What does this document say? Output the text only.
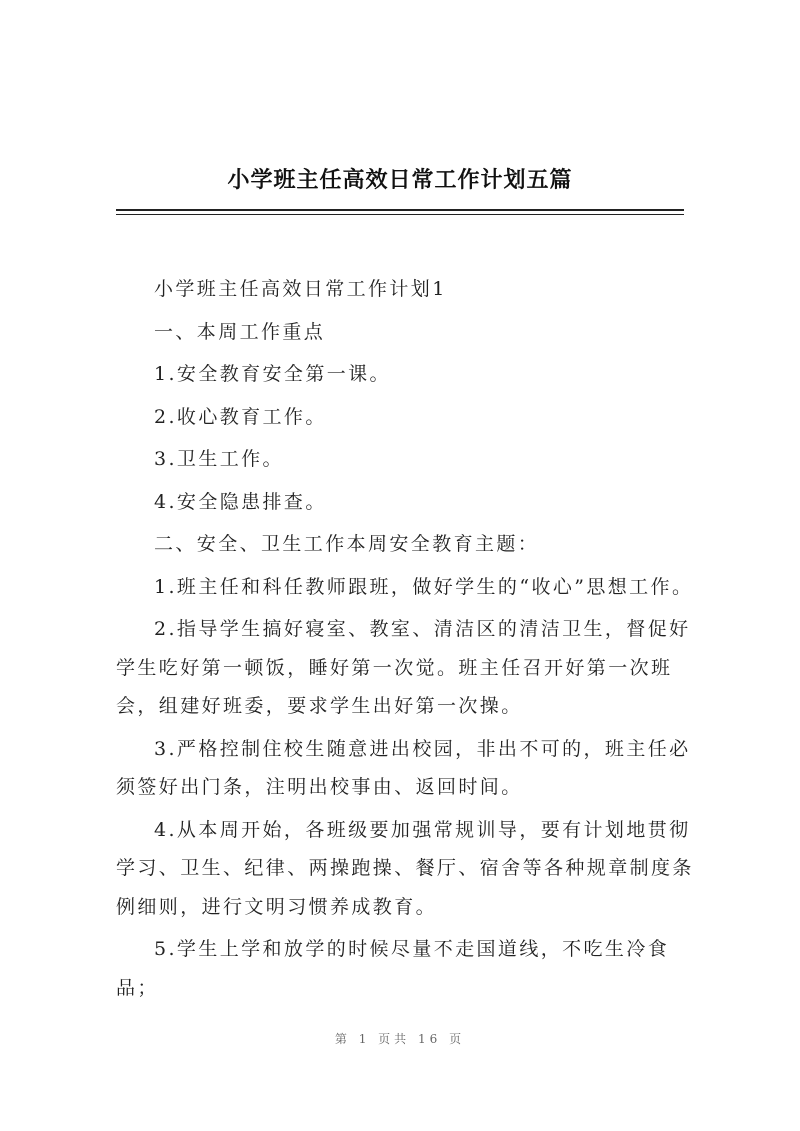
小学班主任高效日常工作计划五篇

小学班主任高效日常工作计划1

一、本周工作重点

1.安全教育安全第一课。

2.收心教育工作。

3.卫生工作。

4.安全隐患排查。

二、安全、卫生工作本周安全教育主题：

1.班主任和科任教师跟班，做好学生的“收心”思想工作。

2.指导学生搞好寝室、教室、清洁区的清洁卫生，督促好学生吃好第一顿饭，睡好第一次觉。班主任召开好第一次班会，组建好班委，要求学生出好第一次操。

3.严格控制住校生随意进出校园，非出不可的，班主任必须签好出门条，注明出校事由、返回时间。

4.从本周开始，各班级要加强常规训导，要有计划地贯彻学习、卫生、纪律、两操跑操、餐厅、宿舍等各种规章制度条例细则，进行文明习惯养成教育。

5.学生上学和放学的时候尽量不走国道线，不吃生冷食品；

第 1 页共 16 页
